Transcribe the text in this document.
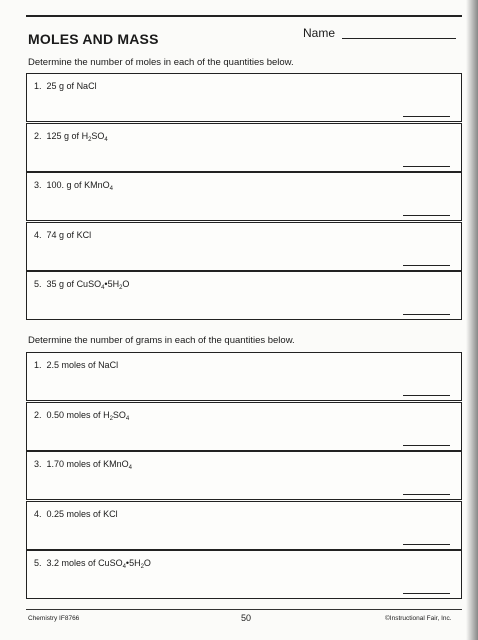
MOLES AND MASS	Name
Determine the number of moles in each of the quantities below.
1. 25 g of NaCl
2. 125 g of $H_2SO_4$
3. 100. g of KMnO$_4$
4. 74 g of KCl
5. 35 g of $CuSO_4•5H_2O$
Determine the number of grams in each of the quantities below.
1. 2.5 moles of NaCl
2. 0.50 moles of $H_2SO_4$
3. 1.70 moles of KMnO$_4$
4. 0.25 moles of KCl
5. 3.2 moles of $CuSO_4•5H_2O$
Chemistry IF8766	50	©Instructional Fair, Inc.
